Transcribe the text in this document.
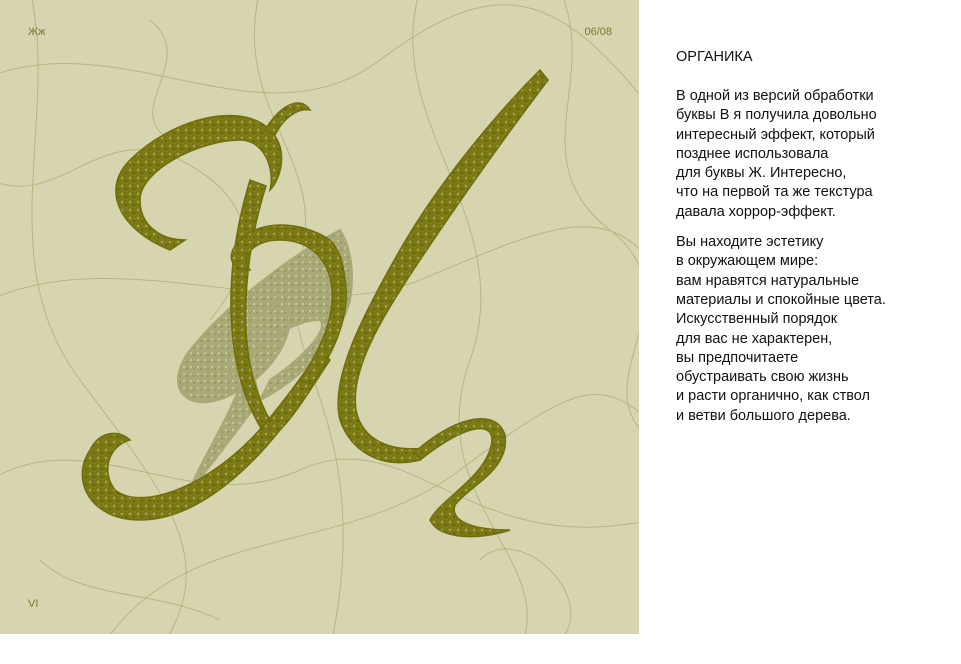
Жж	06/08
VI
ОРГАНИКА

В одной из версий обработки
буквы В я получила довольно
интересный эффект, который
позднее использовала
для буквы Ж. Интересно,
что на первой та же текстура
давала хоррор-эффект.

Вы находите эстетику
в окружающем мире:
вам нравятся натуральные
материалы и спокойные цвета.
Искусственный порядок
для вас не характерен,
вы предпочитаете
обустраивать свою жизнь
и расти органично, как ствол
и ветви большого дерева.
